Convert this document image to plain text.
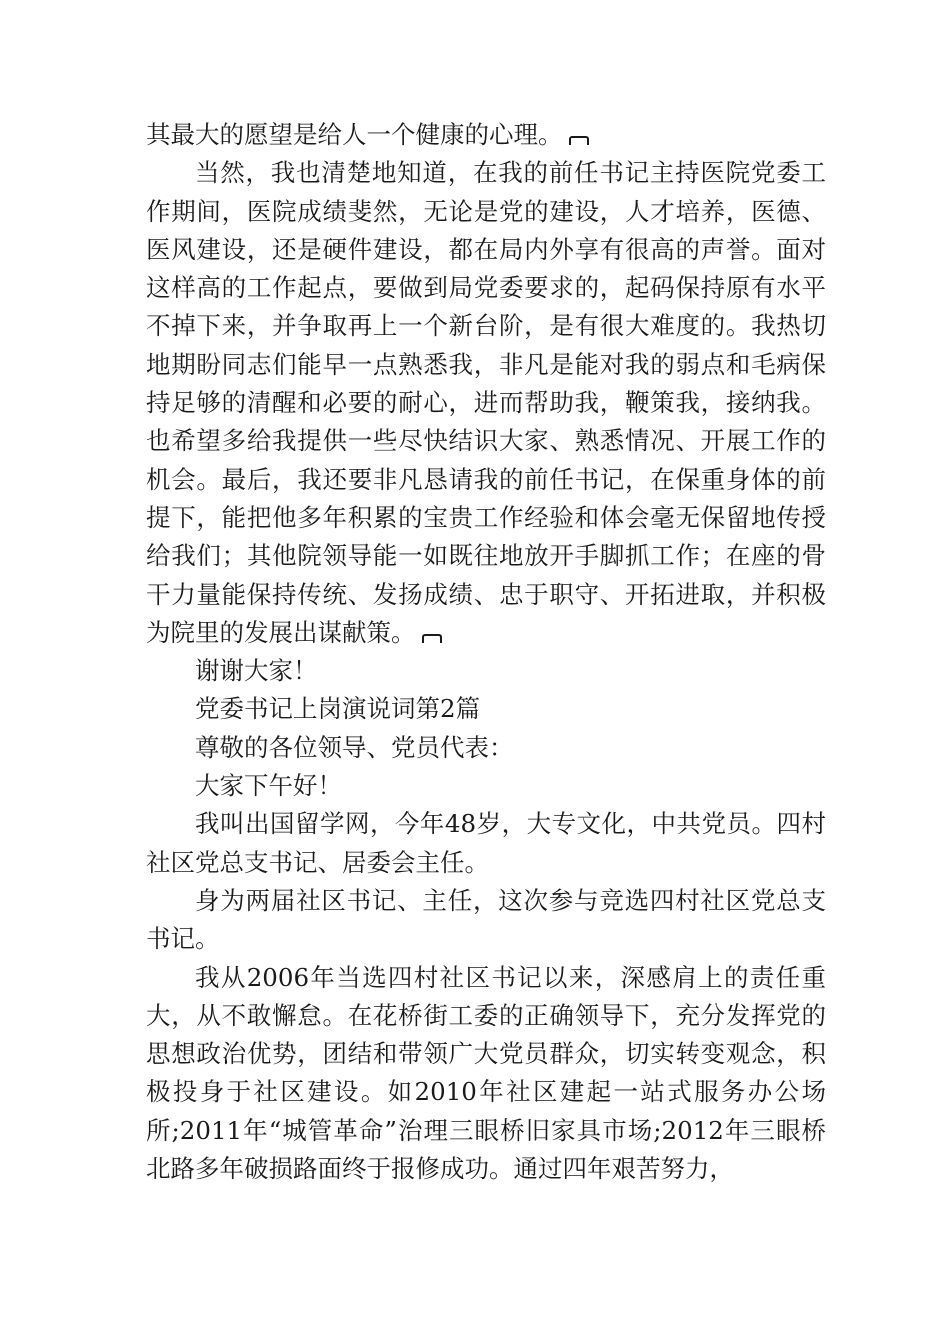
其最大的愿望是给人一个健康的心理。

当然，我也清楚地知道，在我的前任书记主持医院党委工作期间，医院成绩斐然，无论是党的建设，人才培养，医德、医风建设，还是硬件建设，都在局内外享有很高的声誉。面对这样高的工作起点，要做到局党委要求的，起码保持原有水平不掉下来，并争取再上一个新台阶，是有很大难度的。我热切地期盼同志们能早一点熟悉我，非凡是能对我的弱点和毛病保持足够的清醒和必要的耐心，进而帮助我，鞭策我，接纳我。也希望多给我提供一些尽快结识大家、熟悉情况、开展工作的机会。最后，我还要非凡恳请我的前任书记，在保重身体的前提下，能把他多年积累的宝贵工作经验和体会毫无保留地传授给我们；其他院领导能一如既往地放开手脚抓工作；在座的骨干力量能保持传统、发扬成绩、忠于职守、开拓进取，并积极为院里的发展出谋献策。

谢谢大家！

党委书记上岗演说词第2篇

尊敬的各位领导、党员代表：

大家下午好！

我叫出国留学网，今年48岁，大专文化，中共党员。四村社区党总支书记、居委会主任。

身为两届社区书记、主任，这次参与竞选四村社区党总支书记。

我从2006年当选四村社区书记以来，深感肩上的责任重大，从不敢懈怠。在花桥街工委的正确领导下，充分发挥党的思想政治优势，团结和带领广大党员群众，切实转变观念，积极投身于社区建设。如2010年社区建起一站式服务办公场所;2011年“城管革命”治理三眼桥旧家具市场;2012年三眼桥北路多年破损路面终于报修成功。通过四年艰苦努力，
